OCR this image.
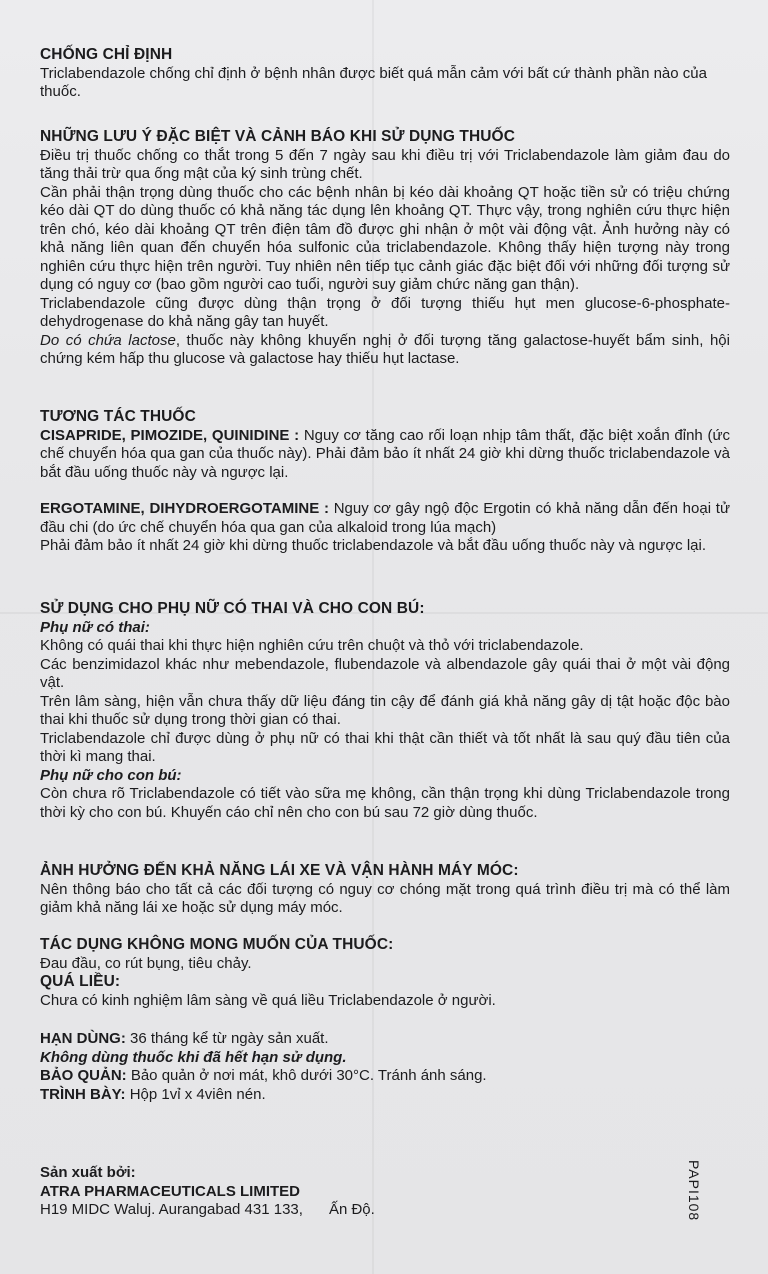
CHỐNG CHỈ ĐỊNH

Triclabendazole chống chỉ định ở bệnh nhân được biết quá mẫn cảm với bất cứ thành phần nào của thuốc.

NHỮNG LƯU Ý ĐẶC BIỆT VÀ CẢNH BÁO KHI SỬ DỤNG THUỐC

Điều trị thuốc chống co thắt trong 5 đến 7 ngày sau khi điều trị với Triclabendazole làm giảm đau do tăng thải trừ qua ống mật của ký sinh trùng chết.

Cần phải thận trọng dùng thuốc cho các bệnh nhân bị kéo dài khoảng QT hoặc tiền sử có triệu chứng kéo dài QT do dùng thuốc có khả năng tác dụng lên khoảng QT. Thực vậy, trong nghiên cứu thực hiện trên chó, kéo dài khoảng QT trên điện tâm đồ được ghi nhận ở một vài động vật. Ảnh hưởng này có khả năng liên quan đến chuyển hóa sulfonic của triclabendazole. Không thấy hiện tượng này trong nghiên cứu thực hiện trên người. Tuy nhiên nên tiếp tục cảnh giác đặc biệt đối với những đối tượng sử dụng có nguy cơ (bao gồm người cao tuổi, người suy giảm chức năng gan thận).

Triclabendazole cũng được dùng thận trọng ở đối tượng thiếu hụt men glucose-6-phosphate-dehydrogenase do khả năng gây tan huyết.

Do có chứa lactose, thuốc này không khuyến nghị ở đối tượng tăng galactose-huyết bẩm sinh, hội chứng kém hấp thu glucose và galactose hay thiếu hụt lactase.

TƯƠNG TÁC THUỐC

CISAPRIDE, PIMOZIDE, QUINIDINE : Nguy cơ tăng cao rối loạn nhịp tâm thất, đặc biệt xoắn đỉnh (ức chế chuyển hóa qua gan của thuốc này). Phải đảm bảo ít nhất 24 giờ khi dừng thuốc triclabendazole và bắt đầu uống thuốc này và ngược lại.

ERGOTAMINE, DIHYDROERGOTAMINE : Nguy cơ gây ngộ độc Ergotin có khả năng dẫn đến hoại tử đầu chi (do ức chế chuyển hóa qua gan của alkaloid trong lúa mạch)

Phải đảm bảo ít nhất 24 giờ khi dừng thuốc triclabendazole và bắt đầu uống thuốc này và ngược lại.

SỬ DỤNG CHO PHỤ NỮ CÓ THAI VÀ CHO CON BÚ:

Phụ nữ có thai:

Không có quái thai khi thực hiện nghiên cứu trên chuột và thỏ với triclabendazole.

Các benzimidazol khác như mebendazole, flubendazole và albendazole gây quái thai ở một vài động vật.

Trên lâm sàng, hiện vẫn chưa thấy dữ liệu đáng tin cậy để đánh giá khả năng gây dị tật hoặc độc bào thai khi thuốc sử dụng trong thời gian có thai.

Triclabendazole chỉ được dùng ở phụ nữ có thai khi thật cần thiết và tốt nhất là sau quý đầu tiên của thời kì mang thai.

Phụ nữ cho con bú:

Còn chưa rõ Triclabendazole có tiết vào sữa mẹ không, cần thận trọng khi dùng Triclabendazole trong thời kỳ cho con bú. Khuyến cáo chỉ nên cho con bú sau 72 giờ dùng thuốc.

ẢNH HƯỞNG ĐẾN KHẢ NĂNG LÁI XE VÀ VẬN HÀNH MÁY MÓC:

Nên thông báo cho tất cả các đối tượng có nguy cơ chóng mặt trong quá trình điều trị mà có thể làm giảm khả năng lái xe hoặc sử dụng máy móc.

TÁC DỤNG KHÔNG MONG MUỐN CỦA THUỐC:

Đau đầu, co rút bụng, tiêu chảy.

QUÁ LIỀU:

Chưa có kinh nghiệm lâm sàng về quá liều Triclabendazole ở người.

HẠN DÙNG: 36 tháng kể từ ngày sản xuất.

Không dùng thuốc khi đã hết hạn sử dụng.

BẢO QUẢN: Bảo quản ở nơi mát, khô dưới 30°C. Tránh ánh sáng.

TRÌNH BÀY: Hộp 1vỉ x 4viên nén.

Sản xuất bởi:

ATRA PHARMACEUTICALS LIMITED

H19 MIDC Waluj. Aurangabad 431 133, Ấn Độ.	PAPI108
